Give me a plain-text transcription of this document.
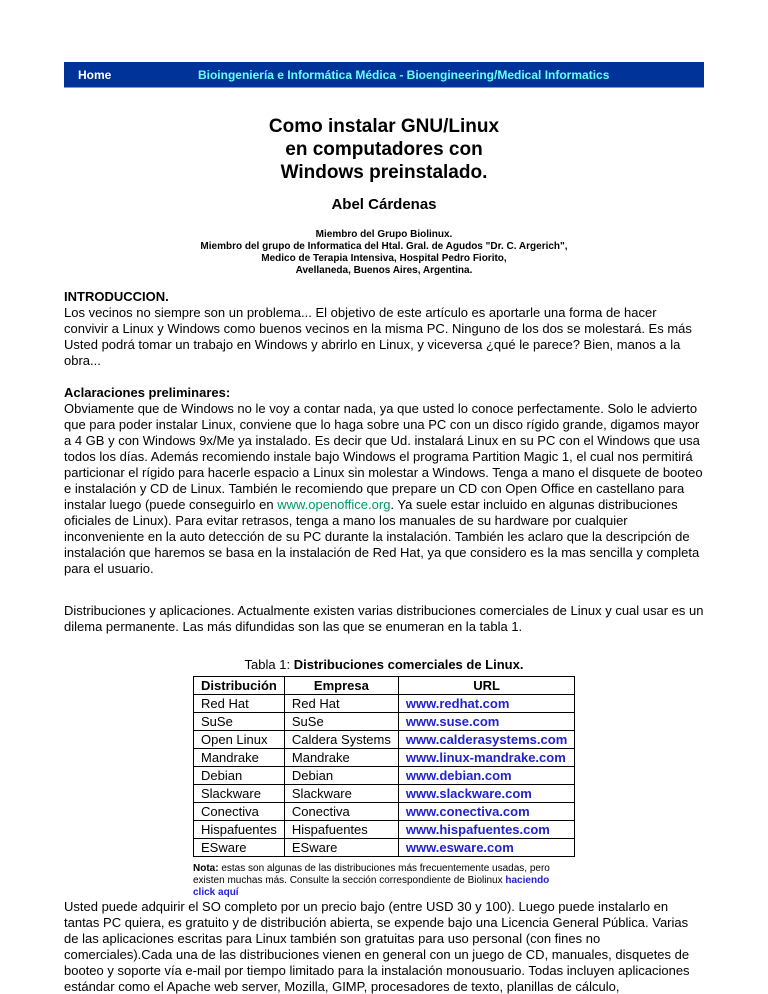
Home	Bioingeniería e Informática Médica - Bioengineering/Medical Informatics
Como instalar GNU/Linux
en computadores con
Windows preinstalado.
Abel Cárdenas
Miembro del Grupo Biolinux.
Miembro del grupo de Informatica del Htal. Gral. de Agudos "Dr. C. Argerich",
Medico de Terapia Intensiva, Hospital Pedro Fiorito,
Avellaneda, Buenos Aires, Argentina.
INTRODUCCION.

Los vecinos no siempre son un problema... El objetivo de este artículo es aportarle una forma de hacer convivir a Linux y Windows como buenos vecinos en la misma PC. Ninguno de los dos se molestará. Es más Usted podrá tomar un trabajo en Windows y abrirlo en Linux, y viceversa ¿qué le parece? Bien, manos a la obra...

Aclaraciones preliminares:

Obviamente que de Windows no le voy a contar nada, ya que usted lo conoce perfectamente. Solo le advierto que para poder instalar Linux, conviene que lo haga sobre una PC con un disco rígido grande, digamos mayor a 4 GB y con Windows 9x/Me ya instalado. Es decir que Ud. instalará Linux en su PC con el Windows que usa todos los días. Además recomiendo instale bajo Windows el programa Partition Magic 1, el cual nos permitirá particionar el rígido para hacerle espacio a Linux sin molestar a Windows. Tenga a mano el disquete de booteo e instalación y CD de Linux. También le recomiendo que prepare un CD con Open Office en castellano para instalar luego (puede conseguirlo en www.openoffice.org. Ya suele estar incluido en algunas distribuciones oficiales de Linux). Para evitar retrasos, tenga a mano los manuales de su hardware por cualquier inconveniente en la auto detección de su PC durante la instalación. También les aclaro que la descripción de instalación que haremos se basa en la instalación de Red Hat, ya que considero es la mas sencilla y completa para el usuario.

Distribuciones y aplicaciones. Actualmente existen varias distribuciones comerciales de Linux y cual usar es un dilema permanente. Las más difundidas son las que se enumeran en la tabla 1.

Tabla 1: Distribuciones comerciales de Linux.
Distribución	Empresa	URL
Red Hat	Red Hat	www.redhat.com
SuSe	SuSe	www.suse.com
Open Linux	Caldera Systems	www.calderasystems.com
Mandrake	Mandrake	www.linux-mandrake.com
Debian	Debian	www.debian.com
Slackware	Slackware	www.slackware.com
Conectiva	Conectiva	www.conectiva.com
Hispafuentes	Hispafuentes	www.hispafuentes.com
ESware	ESware	www.esware.com
Nota: estas son algunas de las distribuciones más frecuentemente usadas, pero existen muchas más. Consulte la sección correspondiente de Biolinux haciendo click aquí

Usted puede adquirir el SO completo por un precio bajo (entre USD 30 y 100). Luego puede instalarlo en tantas PC quiera, es gratuito y de distribución abierta, se expende bajo una Licencia General Pública. Varias de las aplicaciones escritas para Linux también son gratuitas para uso personal (con fines no comerciales).Cada una de las distribuciones vienen en general con un juego de CD, manuales, disquetes de booteo y soporte vía e-mail por tiempo limitado para la instalación monousuario. Todas incluyen aplicaciones estándar como el Apache web server, Mozilla, GIMP, procesadores de texto, planillas de cálculo,
